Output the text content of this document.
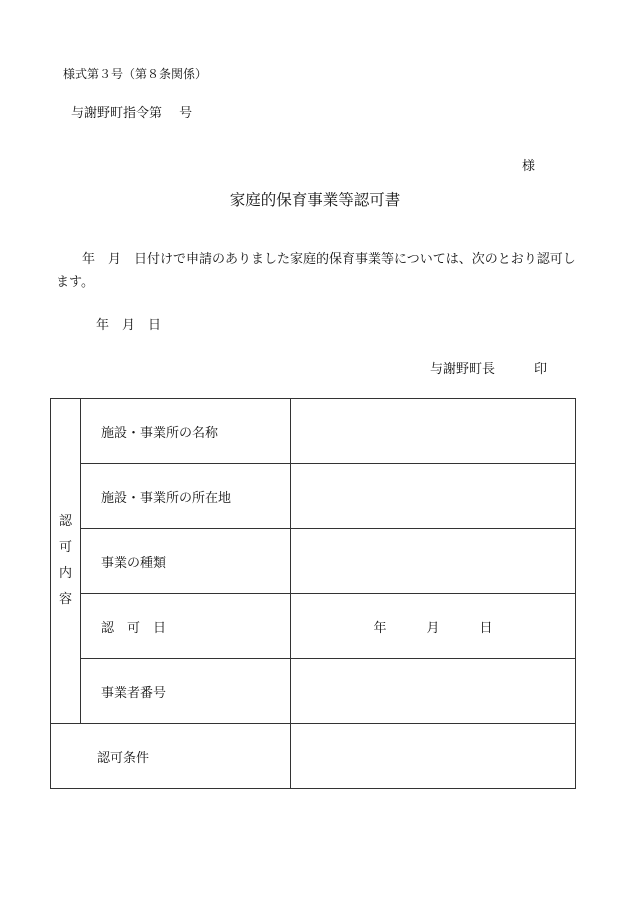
様式第３号（第８条関係）
与謝野町指令第　 号
様
家庭的保育事業等認可書
　　年　月　日付けで申請のありました家庭的保育事業等については、次のとおり認可します。
年　月　日
与謝野町長　　　印
認
可
内
容	施設・事業所の名称	
	施設・事業所の所在地	
	事業の種類	
	認　可　日	年 月 日

	事業者番号	
認可条件		
